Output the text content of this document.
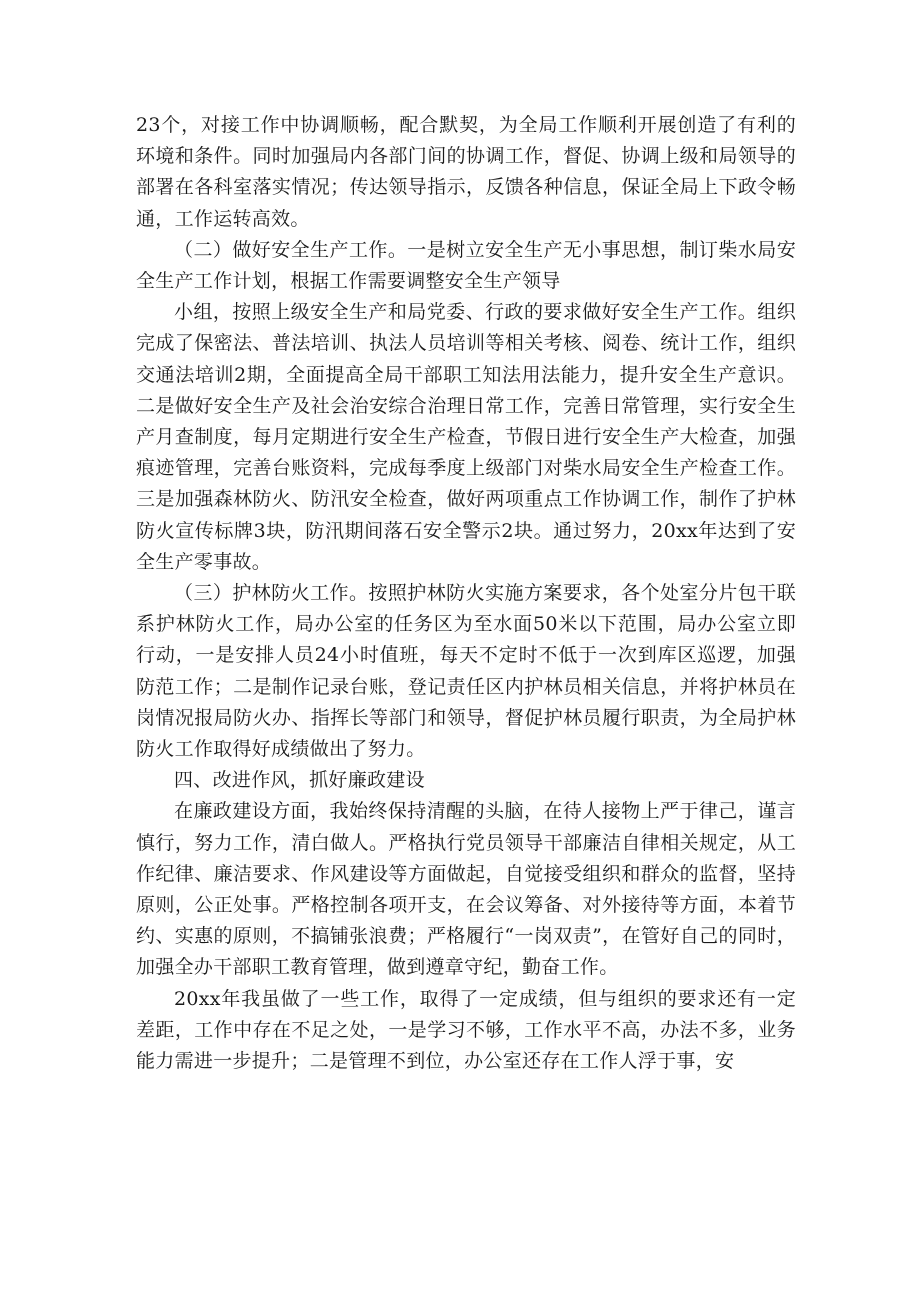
23个，对接工作中协调顺畅，配合默契，为全局工作顺利开展创造了有利的环境和条件。同时加强局内各部门间的协调工作，督促、协调上级和局领导的部署在各科室落实情况；传达领导指示，反馈各种信息，保证全局上下政令畅通，工作运转高效。

（二）做好安全生产工作。一是树立安全生产无小事思想，制订柴水局安全生产工作计划，根据工作需要调整安全生产领导

小组，按照上级安全生产和局党委、行政的要求做好安全生产工作。组织完成了保密法、普法培训、执法人员培训等相关考核、阅卷、统计工作，组织交通法培训2期，全面提高全局干部职工知法用法能力，提升安全生产意识。二是做好安全生产及社会治安综合治理日常工作，完善日常管理，实行安全生产月查制度，每月定期进行安全生产检查，节假日进行安全生产大检查，加强痕迹管理，完善台账资料，完成每季度上级部门对柴水局安全生产检查工作。三是加强森林防火、防汛安全检查，做好两项重点工作协调工作，制作了护林防火宣传标牌3块，防汛期间落石安全警示2块。通过努力，20xx年达到了安全生产零事故。

（三）护林防火工作。按照护林防火实施方案要求，各个处室分片包干联系护林防火工作，局办公室的任务区为至水面50米以下范围，局办公室立即行动，一是安排人员24小时值班，每天不定时不低于一次到库区巡逻，加强防范工作；二是制作记录台账，登记责任区内护林员相关信息，并将护林员在岗情况报局防火办、指挥长等部门和领导，督促护林员履行职责，为全局护林防火工作取得好成绩做出了努力。

四、改进作风，抓好廉政建设

在廉政建设方面，我始终保持清醒的头脑，在待人接物上严于律己，谨言慎行，努力工作，清白做人。严格执行党员领导干部廉洁自律相关规定，从工作纪律、廉洁要求、作风建设等方面做起，自觉接受组织和群众的监督，坚持原则，公正处事。严格控制各项开支，在会议筹备、对外接待等方面，本着节约、实惠的原则，不搞铺张浪费；严格履行“一岗双责”，在管好自己的同时，加强全办干部职工教育管理，做到遵章守纪，勤奋工作。

20xx年我虽做了一些工作，取得了一定成绩，但与组织的要求还有一定差距，工作中存在不足之处，一是学习不够，工作水平不高，办法不多，业务能力需进一步提升；二是管理不到位，办公室还存在工作人浮于事，安
